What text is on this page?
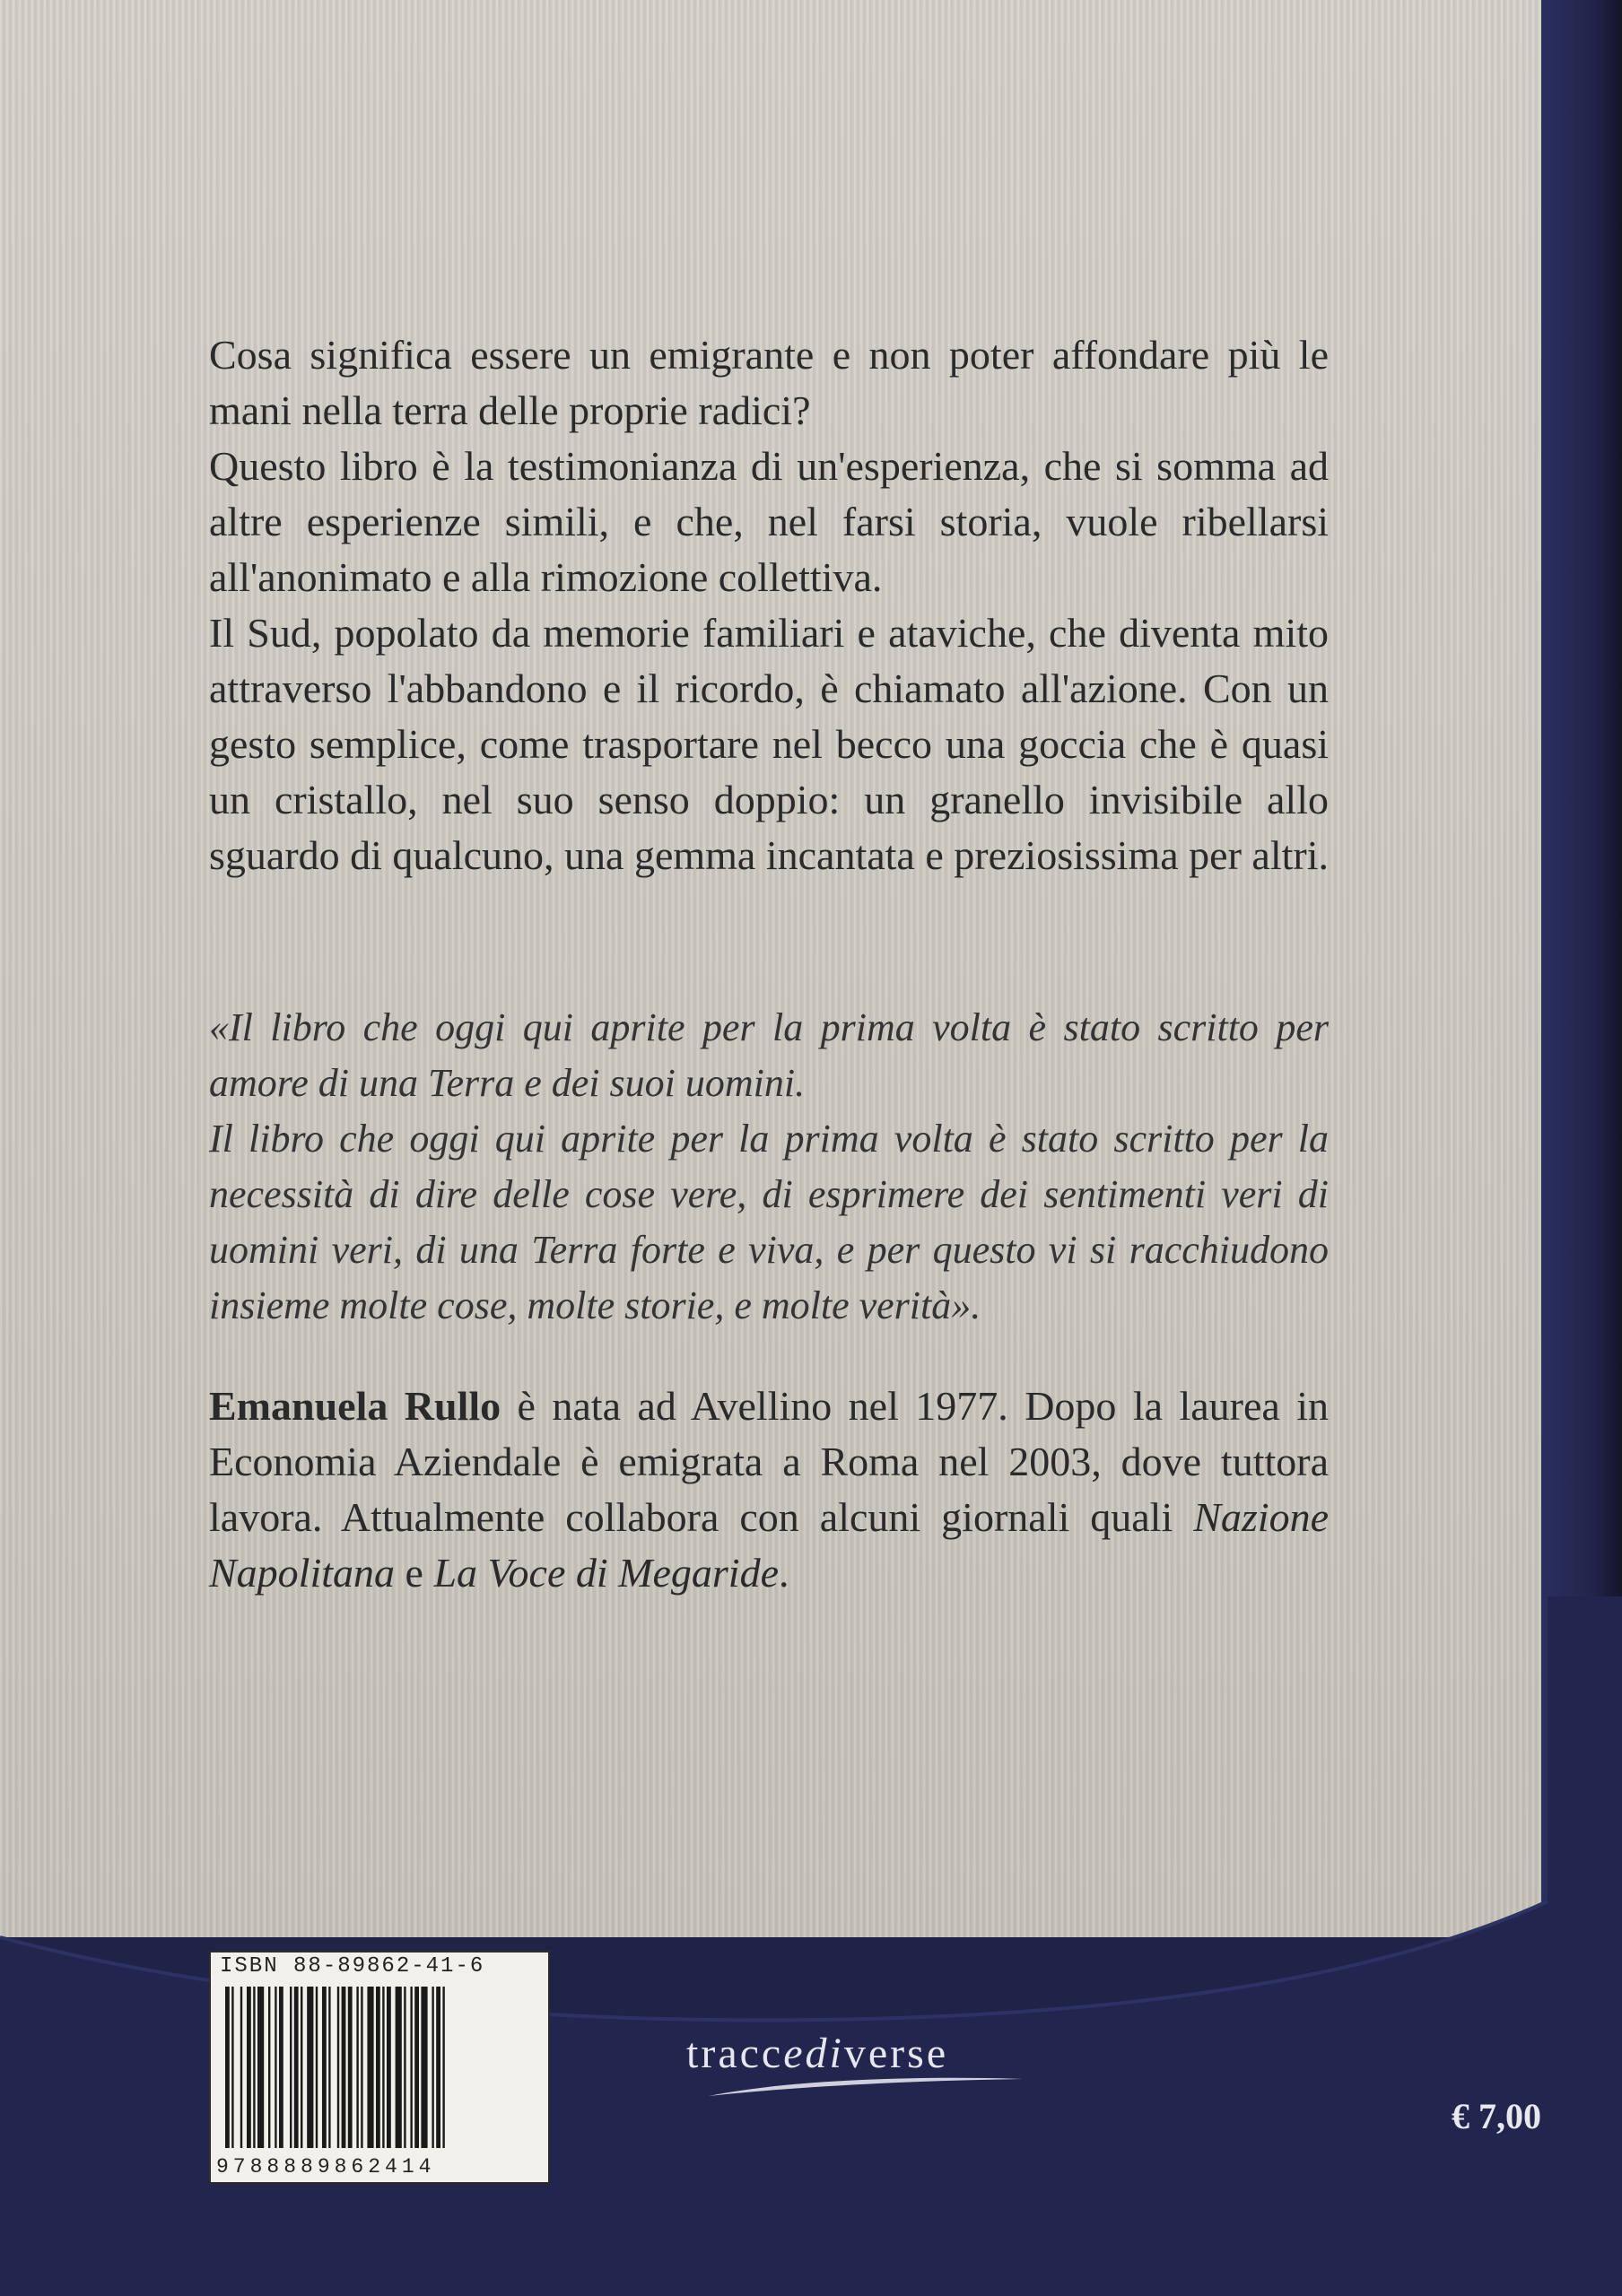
Cosa significa essere un emigrante e non poter affondare più le mani nella terra delle proprie radici?

Questo libro è la testimonianza di un'esperienza, che si somma ad altre esperienze simili, e che, nel farsi storia, vuole ribellarsi all'anonimato e alla rimozione collettiva.

Il Sud, popolato da memorie familiari e ataviche, che diventa mito attraverso l'abbandono e il ricordo, è chiamato all'azione. Con un gesto semplice, come trasportare nel becco una goccia che è quasi un cristallo, nel suo senso doppio: un granello invisibile allo sguardo di qualcuno, una gemma incantata e preziosissima per altri.

«Il libro che oggi qui aprite per la prima volta è stato scritto per amore di una Terra e dei suoi uomini.

Il libro che oggi qui aprite per la prima volta è stato scritto per la necessità di dire delle cose vere, di esprimere dei sentimenti veri di uomini veri, di una Terra forte e viva, e per questo vi si racchiudono insieme molte cose, molte storie, e molte verità».

Emanuela Rullo è nata ad Avellino nel 1977. Dopo la laurea in Economia Aziendale è emigrata a Roma nel 2003, dove tuttora lavora. Attualmente collabora con alcuni giornali quali Nazione Napolitana e La Voce di Megaride.

ISBN 88-89862-41-6
9788889862414
traccediverse
€ 7,00
